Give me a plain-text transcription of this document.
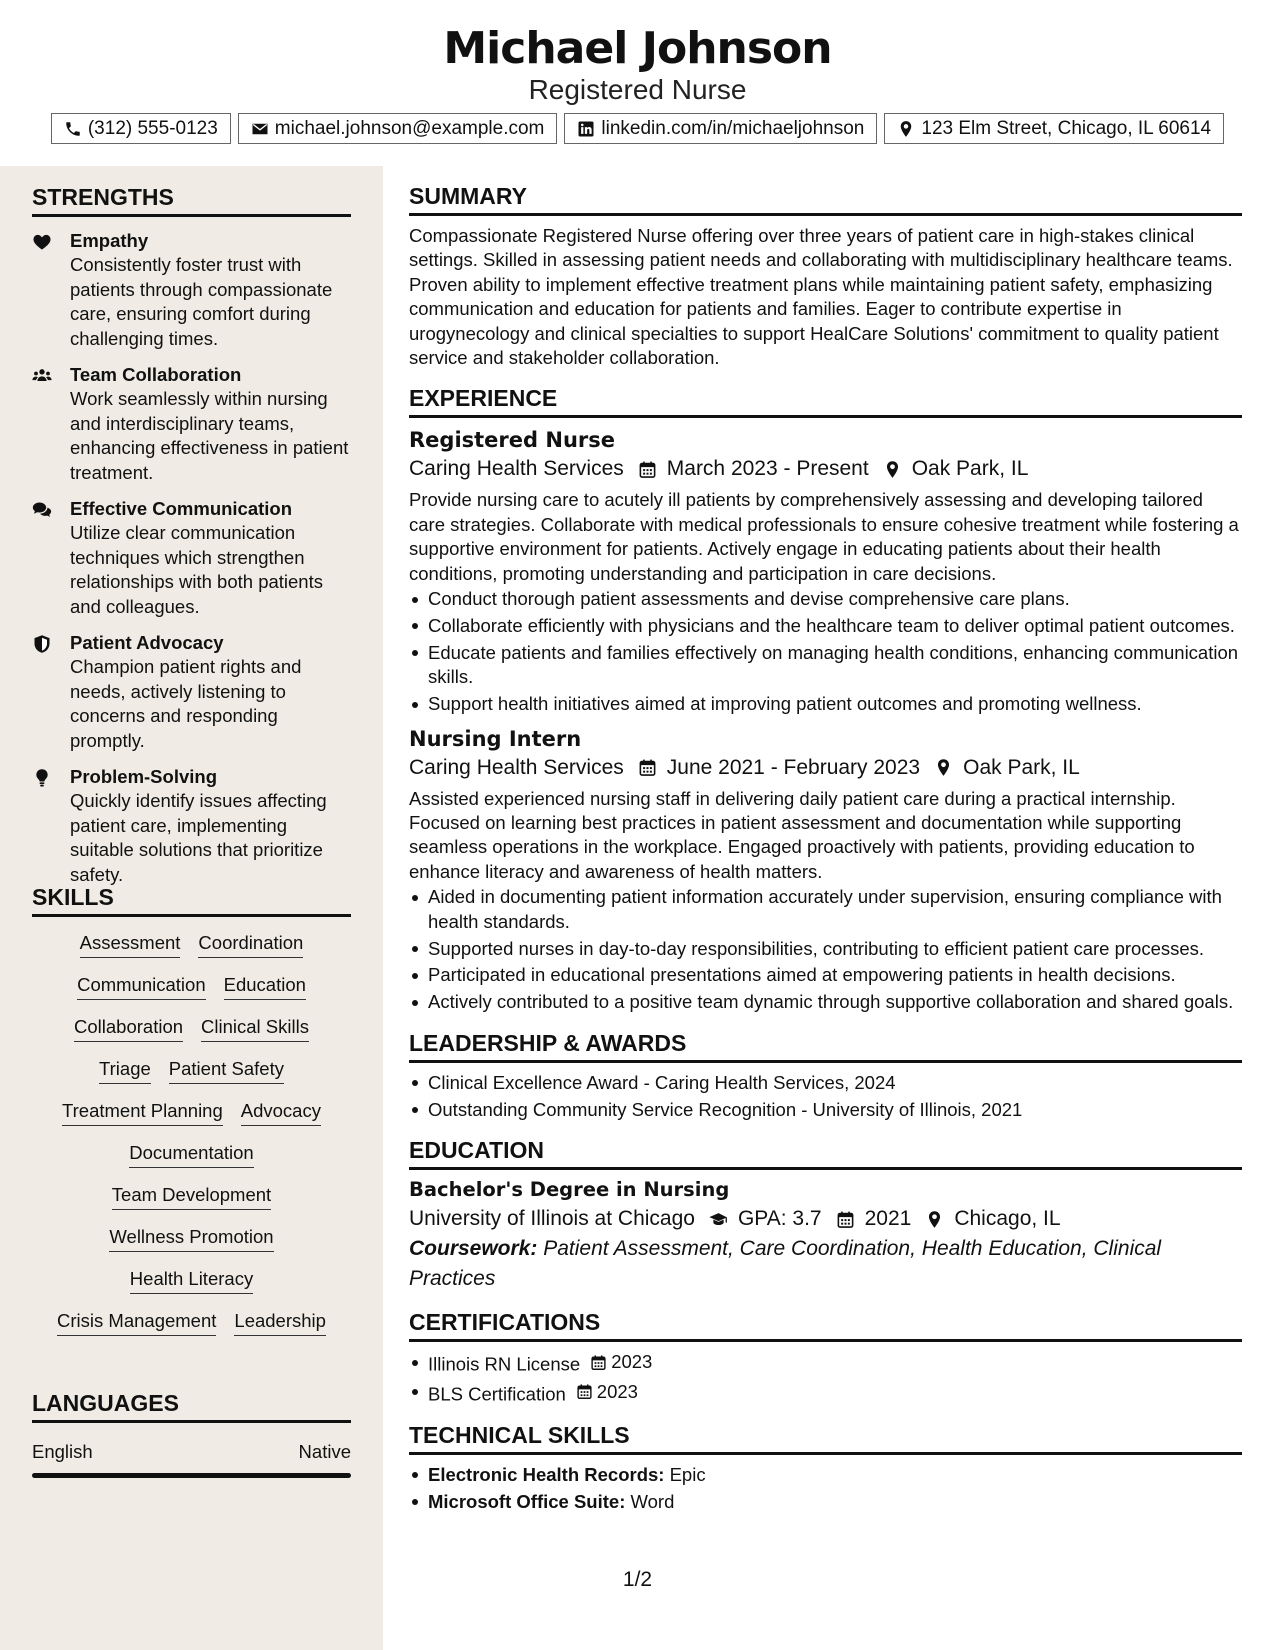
Michael Johnson
Registered Nurse
(312) 555-0123	michael.johnson@example.com	linkedin.com/in/michaeljohnson	123 Elm Street, Chicago, IL 60614
STRENGTHS
Empathy
Consistently foster trust with patients through compassionate care, ensuring comfort during challenging times.
Team Collaboration
Work seamlessly within nursing and interdisciplinary teams, enhancing effectiveness in patient treatment.
Effective Communication
Utilize clear communication techniques which strengthen relationships with both patients and colleagues.
Patient Advocacy
Champion patient rights and needs, actively listening to concerns and responding promptly.
Problem-Solving
Quickly identify issues affecting patient care, implementing suitable solutions that prioritize safety.
SKILLS
Assessment Coordination
Communication Education
Collaboration Clinical Skills
Triage Patient Safety
Treatment Planning Advocacy
Documentation
Team Development
Wellness Promotion
Health Literacy
Crisis Management Leadership
LANGUAGES
English	Native
SUMMARY
Compassionate Registered Nurse offering over three years of patient care in high-stakes clinical settings. Skilled in assessing patient needs and collaborating with multidisciplinary healthcare teams. Proven ability to implement effective treatment plans while maintaining patient safety, emphasizing communication and education for patients and families. Eager to contribute expertise in urogynecology and clinical specialties to support HealCare Solutions' commitment to quality patient service and stakeholder collaboration.
EXPERIENCE
Registered Nurse
Caring Health Services March 2023 - Present Oak Park, IL
Provide nursing care to acutely ill patients by comprehensively assessing and developing tailored care strategies. Collaborate with medical professionals to ensure cohesive treatment while fostering a supportive environment for patients. Actively engage in educating patients about their health conditions, promoting understanding and participation in care decisions.
Conduct thorough patient assessments and devise comprehensive care plans.
Collaborate efficiently with physicians and the healthcare team to deliver optimal patient outcomes.
Educate patients and families effectively on managing health conditions, enhancing communication skills.
Support health initiatives aimed at improving patient outcomes and promoting wellness.
Nursing Intern
Caring Health Services June 2021 - February 2023 Oak Park, IL
Assisted experienced nursing staff in delivering daily patient care during a practical internship. Focused on learning best practices in patient assessment and documentation while supporting seamless operations in the workplace. Engaged proactively with patients, providing education to enhance literacy and awareness of health matters.
Aided in documenting patient information accurately under supervision, ensuring compliance with health standards.
Supported nurses in day-to-day responsibilities, contributing to efficient patient care processes.
Participated in educational presentations aimed at empowering patients in health decisions.
Actively contributed to a positive team dynamic through supportive collaboration and shared goals.
LEADERSHIP & AWARDS
Clinical Excellence Award - Caring Health Services, 2024
Outstanding Community Service Recognition - University of Illinois, 2021
EDUCATION
Bachelor's Degree in Nursing
University of Illinois at Chicago GPA: 3.7 2021 Chicago, IL
Coursework: Patient Assessment, Care Coordination, Health Education, Clinical Practices
CERTIFICATIONS
Illinois RN License 2023
BLS Certification 2023
TECHNICAL SKILLS
Electronic Health Records: Epic
Microsoft Office Suite: Word
1/2
